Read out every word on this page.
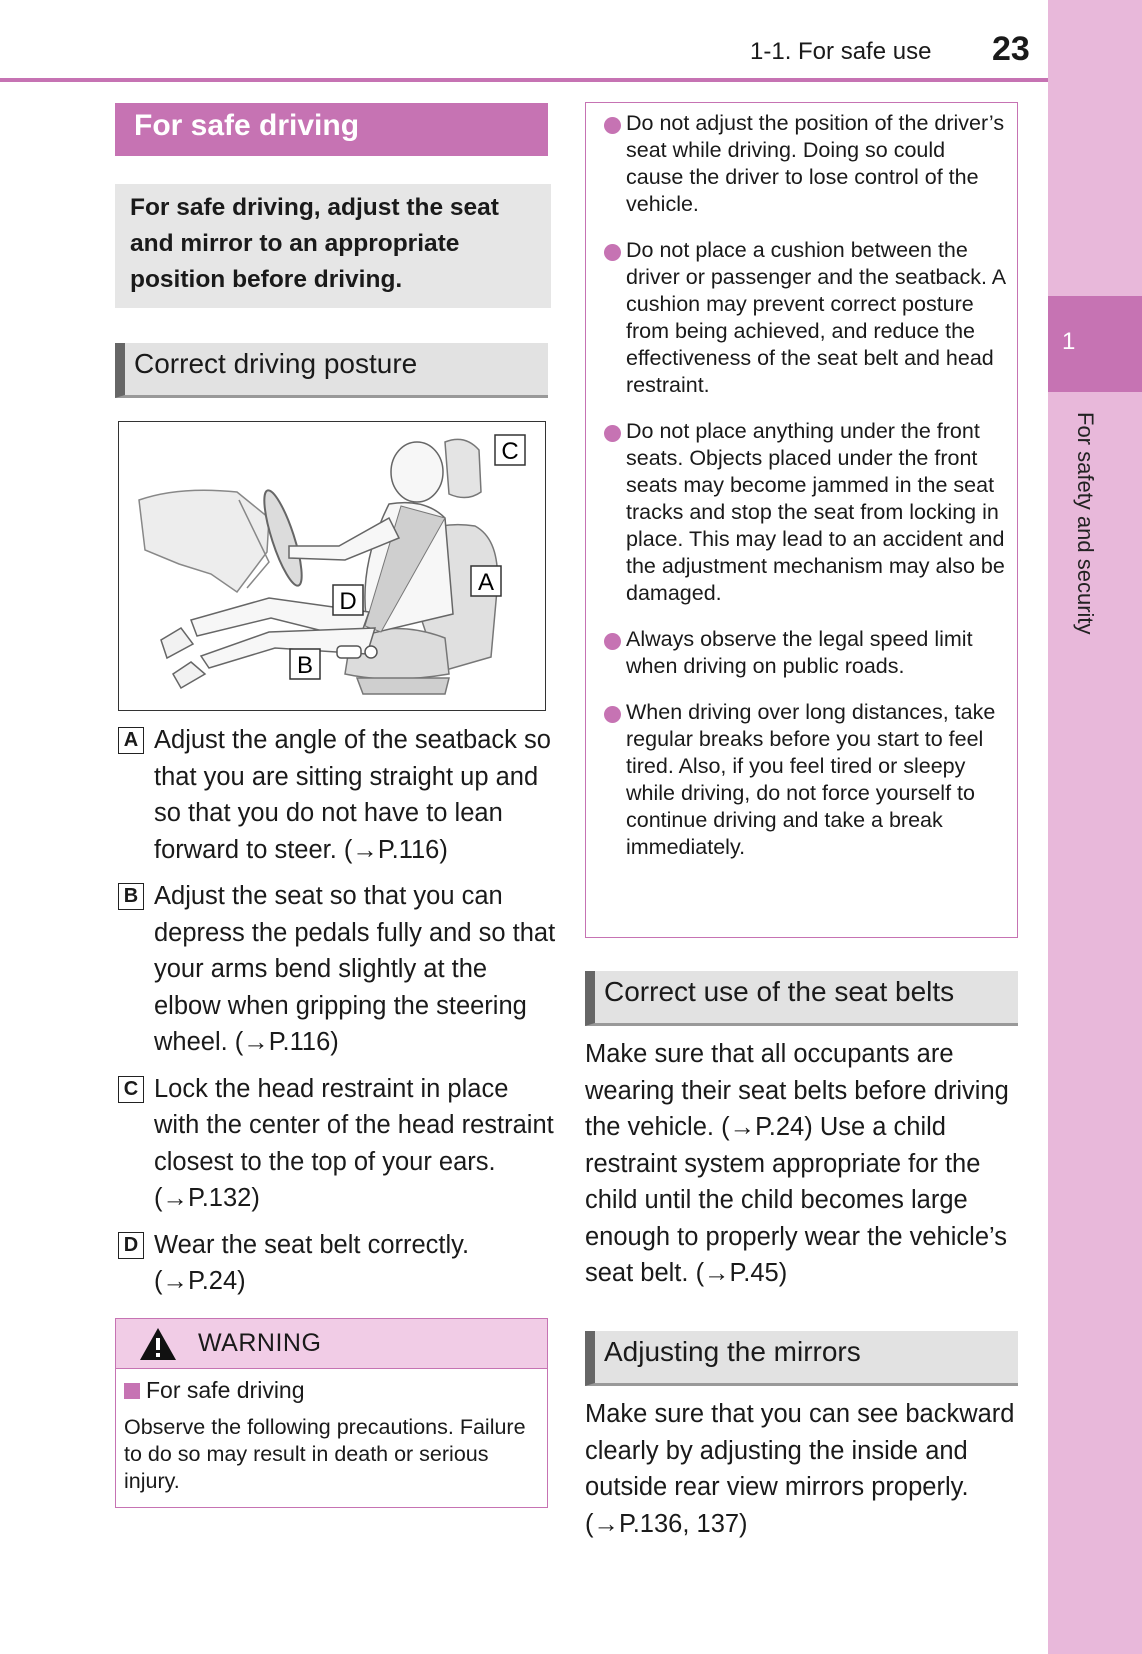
1-1. For safe use 23
1
For safety and security
For safe driving
For safe driving, adjust the seat and mirror to an appropriate position before driving.
Correct driving posture
C
A
D
B
A Adjust the angle of the seatback so that you are sitting straight up and so that you do not have to lean forward to steer. (→P.116)
B Adjust the seat so that you can depress the pedals fully and so that your arms bend slightly at the elbow when gripping the steering wheel. (→P.116)
C Lock the head restraint in place with the center of the head restraint closest to the top of your ears. (→P.132)
D Wear the seat belt correctly. (→P.24)
WARNING
For safe driving
Observe the following precautions. Failure to do so may result in death or serious injury.
Do not adjust the position of the driver’s seat while driving. Doing so could cause the driver to lose control of the vehicle.
Do not place a cushion between the driver or passenger and the seatback. A cushion may prevent correct posture from being achieved, and reduce the effectiveness of the seat belt and head restraint.
Do not place anything under the front seats. Objects placed under the front seats may become jammed in the seat tracks and stop the seat from locking in place. This may lead to an accident and the adjustment mechanism may also be damaged.
Always observe the legal speed limit when driving on public roads.
When driving over long distances, take regular breaks before you start to feel tired. Also, if you feel tired or sleepy while driving, do not force yourself to continue driving and take a break immediately.
Correct use of the seat belts
Make sure that all occupants are wearing their seat belts before driving the vehicle. (→P.24) Use a child restraint system appropriate for the child until the child becomes large enough to properly wear the vehicle’s seat belt. (→P.45)
Adjusting the mirrors
Make sure that you can see backward clearly by adjusting the inside and outside rear view mirrors properly. (→P.136, 137)
